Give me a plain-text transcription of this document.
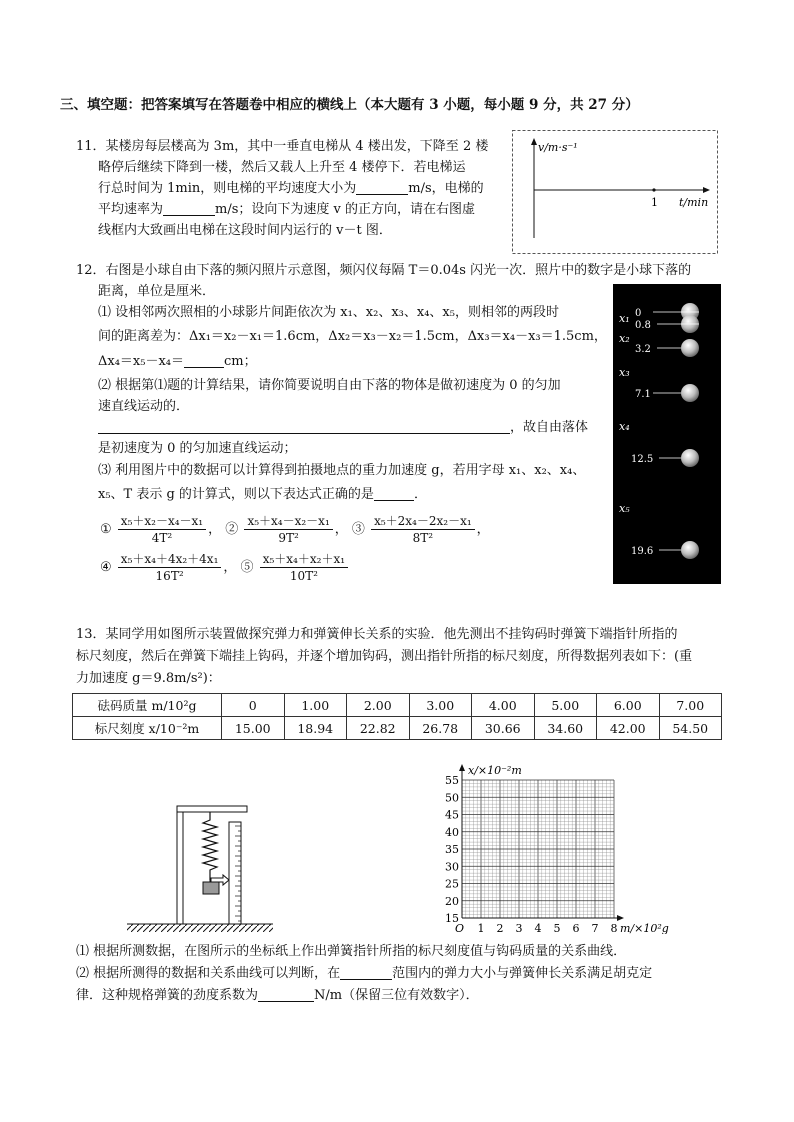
三、填空题：把答案填写在答题卷中相应的横线上（本大题有 3 小题，每小题 9 分，共 27 分）
11．某楼房每层楼高为 3m，其中一垂直电梯从 4 楼出发，下降至 2 楼
略停后继续下降到一楼，然后又载人上升至 4 楼停下．若电梯运
行总时间为 1min，则电梯的平均速度大小为	m/s，电梯的
平均速率为	m/s；设向下为速度 v 的正方向，请在右图虚
线框内大致画出电梯在这段时间内运行的 v－t 图．
v/m·s⁻¹
1 t/min
12．右图是小球自由下落的频闪照片示意图，频闪仪每隔 T＝0.04s 闪光一次．照片中的数字是小球下落的
距离，单位是厘米．
⑴ 设相邻两次照相的小球影片间距依次为 x₁、x₂、x₃、x₄、x₅，则相邻的两段时
间的距离差为：Δx₁＝x₂－x₁＝1.6cm，Δx₂＝x₃－x₂＝1.5cm，Δx₃＝x₄－x₃＝1.5cm，
Δx₄＝x₅－x₄＝	cm；
⑵ 根据第⑴题的计算结果，请你简要说明自由下落的物体是做初速度为 0 的匀加
速直线运动的．
，故自由落体
是初速度为 0 的匀加速直线运动；
⑶ 利用图片中的数据可以计算得到拍摄地点的重力加速度 g，若用字母 x₁、x₂、x₄、
x₅、T 表示 g 的计算式，则以下表达式正确的是	．
① $\frac{\text{x₅＋x₂－x₄－x₁}}{\text{4T²}}$ ， ② $\frac{\text{x₅＋x₄－x₂－x₁}}{\text{9T²}}$ ， ③ $\frac{\text{x₅＋2x₄－2x₂－x₁}}{\text{8T²}}$ ，
④ $\frac{\text{x₅＋x₄＋4x₂＋4x₁}}{\text{16T²}}$ ， ⑤ $\frac{\text{x₅＋x₄＋x₂＋x₁}}{\text{10T²}}$
0
0.8
3.2
7.1
12.5
19.6
x₁
x₂
x₃
x₄
x₅
13．某同学用如图所示装置做探究弹力和弹簧伸长关系的实验．他先测出不挂钩码时弹簧下端指针所指的
标尺刻度，然后在弹簧下端挂上钩码，并逐个增加钩码，测出指针所指的标尺刻度，所得数据列表如下：(重
力加速度 g＝9.8m/s²)：
砝码质量 m/10²g	0	1.00	2.00	3.00	4.00	5.00	6.00	7.00
标尺刻度 x/10⁻²m	15.00	18.94	22.82	26.78	30.66	34.60	42.00	54.50
x/×10⁻²m
m/×10²g
O
15
20
25
30
35
40
45
50
55
1 2 3 4 5 6 7 8
⑴ 根据所测数据，在图所示的坐标纸上作出弹簧指针所指的标尺刻度值与钩码质量的关系曲线．
⑵ 根据所测得的数据和关系曲线可以判断，在	范围内的弹力大小与弹簧伸长关系满足胡克定
律．这种规格弹簧的劲度系数为	N/m（保留三位有效数字）．
